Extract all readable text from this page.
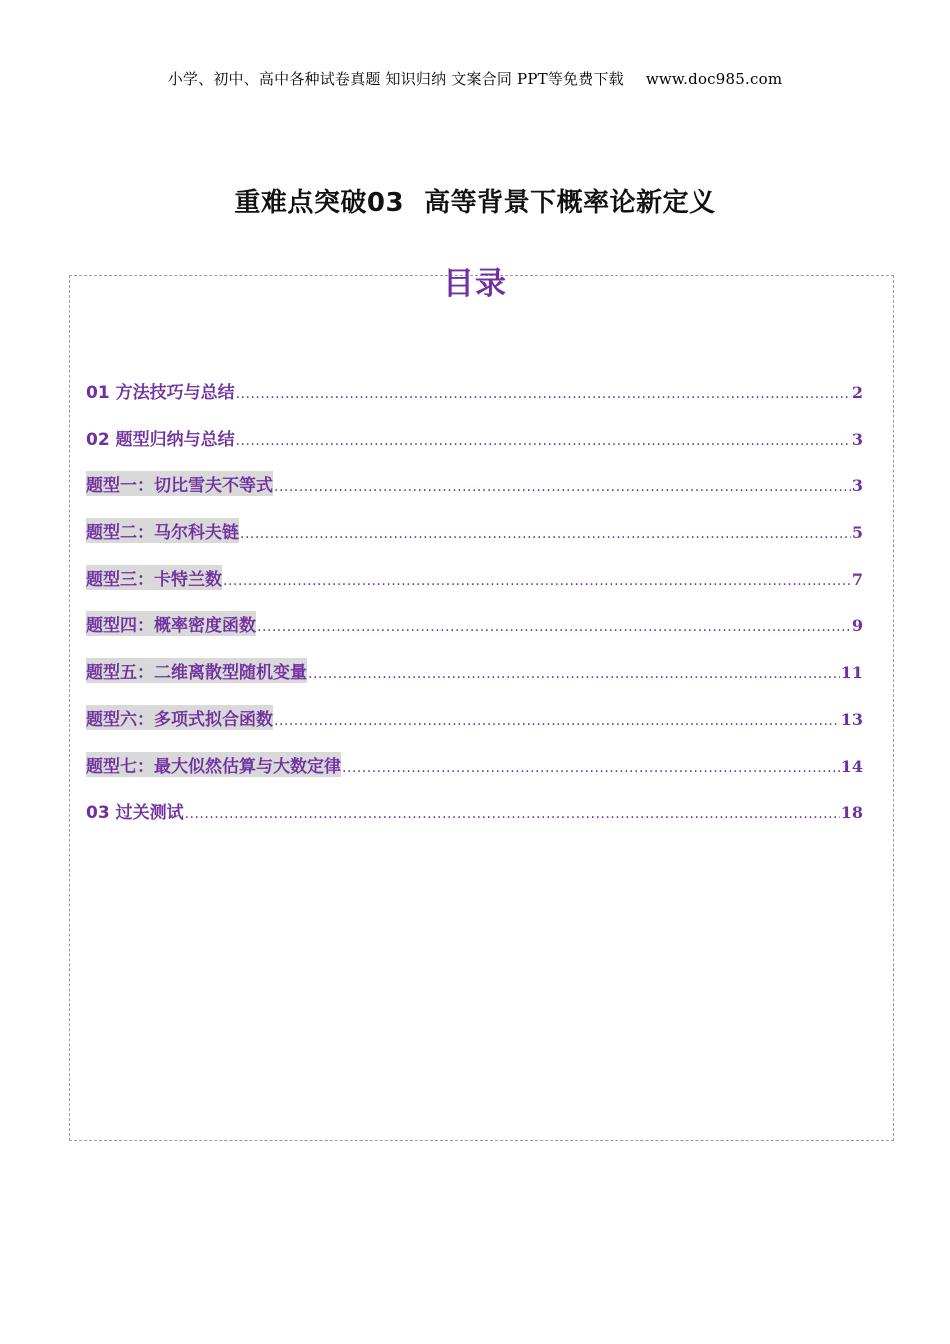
小学、初中、高中各种试卷真题 知识归纳 文案合同 PPT等免费下载 www.doc985.com
重难点突破03 高等背景下概率论新定义
目录
01 方法技巧与总结 .....	2
02 题型归纳与总结 .....	3
题型一：切比雪夫不等式 .....	3
题型二：马尔科夫链 .....	5
题型三：卡特兰数 .....	7
题型四：概率密度函数 .....	9
题型五：二维离散型随机变量 .....	11
题型六：多项式拟合函数 .....	13
题型七：最大似然估算与大数定律 .....	14
03 过关测试 .....	18
